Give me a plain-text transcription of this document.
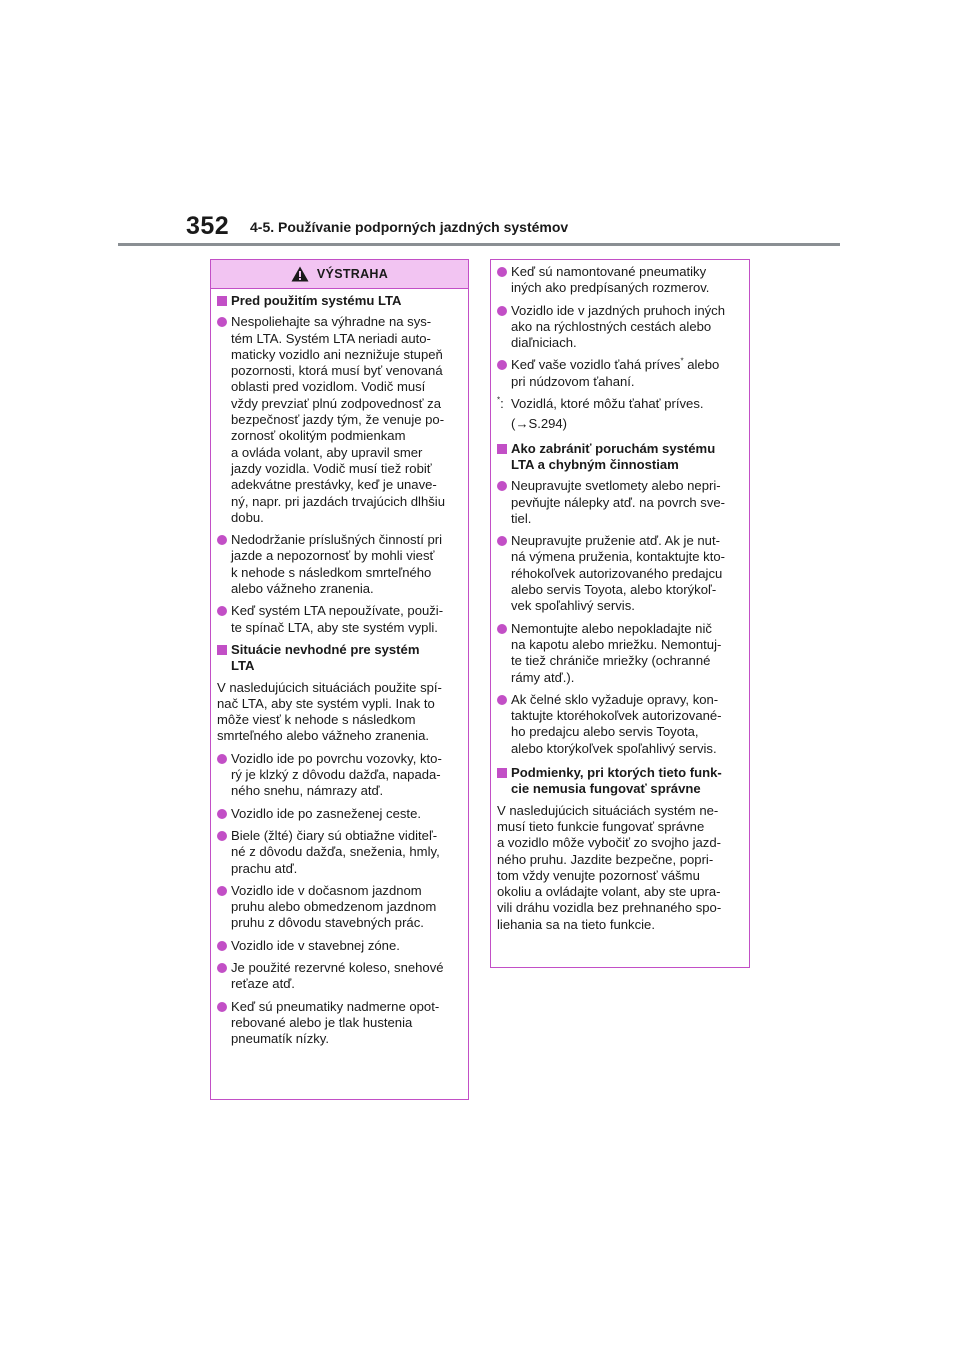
352 4-5. Používanie podporných jazdných systémov
VÝSTRAHA
Pred použitím systému LTA
Nespoliehajte sa výhradne na sys-
tém LTA. Systém LTA neriadi auto-
maticky vozidlo ani neznižuje stupeň
pozornosti, ktorá musí byť venovaná
oblasti pred vozidlom. Vodič musí
vždy prevziať plnú zodpovednosť za
bezpečnosť jazdy tým, že venuje po-
zornosť okolitým podmienkam
a ovláda volant, aby upravil smer
jazdy vozidla. Vodič musí tiež robiť
adekvátne prestávky, keď je unave-
ný, napr. pri jazdách trvajúcich dlhšiu
dobu.
Nedodržanie príslušných činností pri
jazde a nepozornosť by mohli viesť
k nehode s následkom smrteľného
alebo vážneho zranenia.
Keď systém LTA nepoužívate, použi-
te spínač LTA, aby ste systém vypli.
Situácie nevhodné pre systém
LTA
V nasledujúcich situáciách použite spí-
nač LTA, aby ste systém vypli. Inak to
môže viesť k nehode s následkom
smrteľného alebo vážneho zranenia.
Vozidlo ide po povrchu vozovky, kto-
rý je klzký z dôvodu dažďa, napada-
ného snehu, námrazy atď.
Vozidlo ide po zasneženej ceste.
Biele (žlté) čiary sú obtiažne viditeľ-
né z dôvodu dažďa, sneženia, hmly,
prachu atď.
Vozidlo ide v dočasnom jazdnom
pruhu alebo obmedzenom jazdnom
pruhu z dôvodu stavebných prác.
Vozidlo ide v stavebnej zóne.
Je použité rezervné koleso, snehové
reťaze atď.
Keď sú pneumatiky nadmerne opot-
rebované alebo je tlak hustenia
pneumatík nízky.
Keď sú namontované pneumatiky
iných ako predpísaných rozmerov.
Vozidlo ide v jazdných pruhoch iných
ako na rýchlostných cestách alebo
diaľniciach.
Keď vaše vozidlo ťahá príves* alebo
pri núdzovom ťahaní.
*: Vozidlá, ktoré môžu ťahať príves.
(→S.294)
Ako zabrániť poruchám systému
LTA a chybným činnostiam
Neupravujte svetlomety alebo nepri-
pevňujte nálepky atď. na povrch sve-
tiel.
Neupravujte pruženie atď. Ak je nut-
ná výmena pruženia, kontaktujte kto-
réhokoľvek autorizovaného predajcu
alebo servis Toyota, alebo ktorýkoľ-
vek spoľahlivý servis.
Nemontujte alebo nepokladajte nič
na kapotu alebo mriežku. Nemontuj-
te tiež chrániče mriežky (ochranné
rámy atď.).
Ak čelné sklo vyžaduje opravy, kon-
taktujte ktoréhokoľvek autorizované-
ho predajcu alebo servis Toyota,
alebo ktorýkoľvek spoľahlivý servis.
Podmienky, pri ktorých tieto funk-
cie nemusia fungovať správne
V nasledujúcich situáciách systém ne-
musí tieto funkcie fungovať správne
a vozidlo môže vybočiť zo svojho jazd-
ného pruhu. Jazdite bezpečne, popri-
tom vždy venujte pozornosť vášmu
okoliu a ovládajte volant, aby ste upra-
vili dráhu vozidla bez prehnaného spo-
liehania sa na tieto funkcie.
